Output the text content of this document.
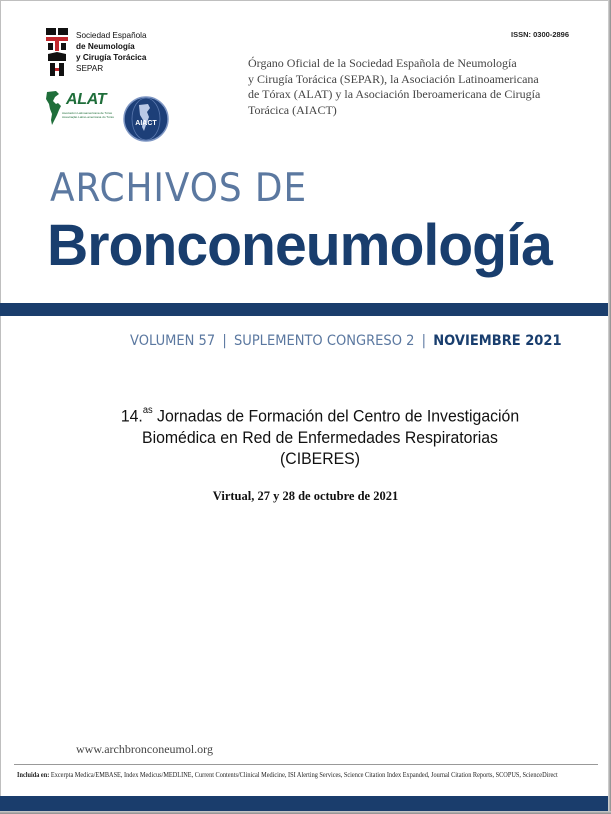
Sociedad Española
de Neumología
y Cirugía Torácica
SEPAR
ALAT
Asociación Latinoamericana de Tórax
Associação Latino-americana do Tórax
AIACT
ISSN: 0300-2896
Órgano Oficial de la Sociedad Española de Neumología
y Cirugía Torácica (SEPAR), la Asociación Latinoamericana
de Tórax (ALAT) y la Asociación Iberoamericana de Cirugía
Torácica (AIACT)
ARCHIVOS DE
Bronconeumología
VOLUMEN 57 | SUPLEMENTO CONGRESO 2 | NOVIEMBRE 2021
14.$^{as}$ Jornadas de Formación del Centro de Investigación
Biomédica en Red de Enfermedades Respiratorias
(CIBERES)
Virtual, 27 y 28 de octubre de 2021
www.archbronconeumol.org
Incluida en: Excerpta Medica/EMBASE, Index Medicus/MEDLINE, Current Contents/Clinical Medicine, ISI Alerting Services, Science Citation Index Expanded, Journal Citation Reports, SCOPUS, ScienceDirect
